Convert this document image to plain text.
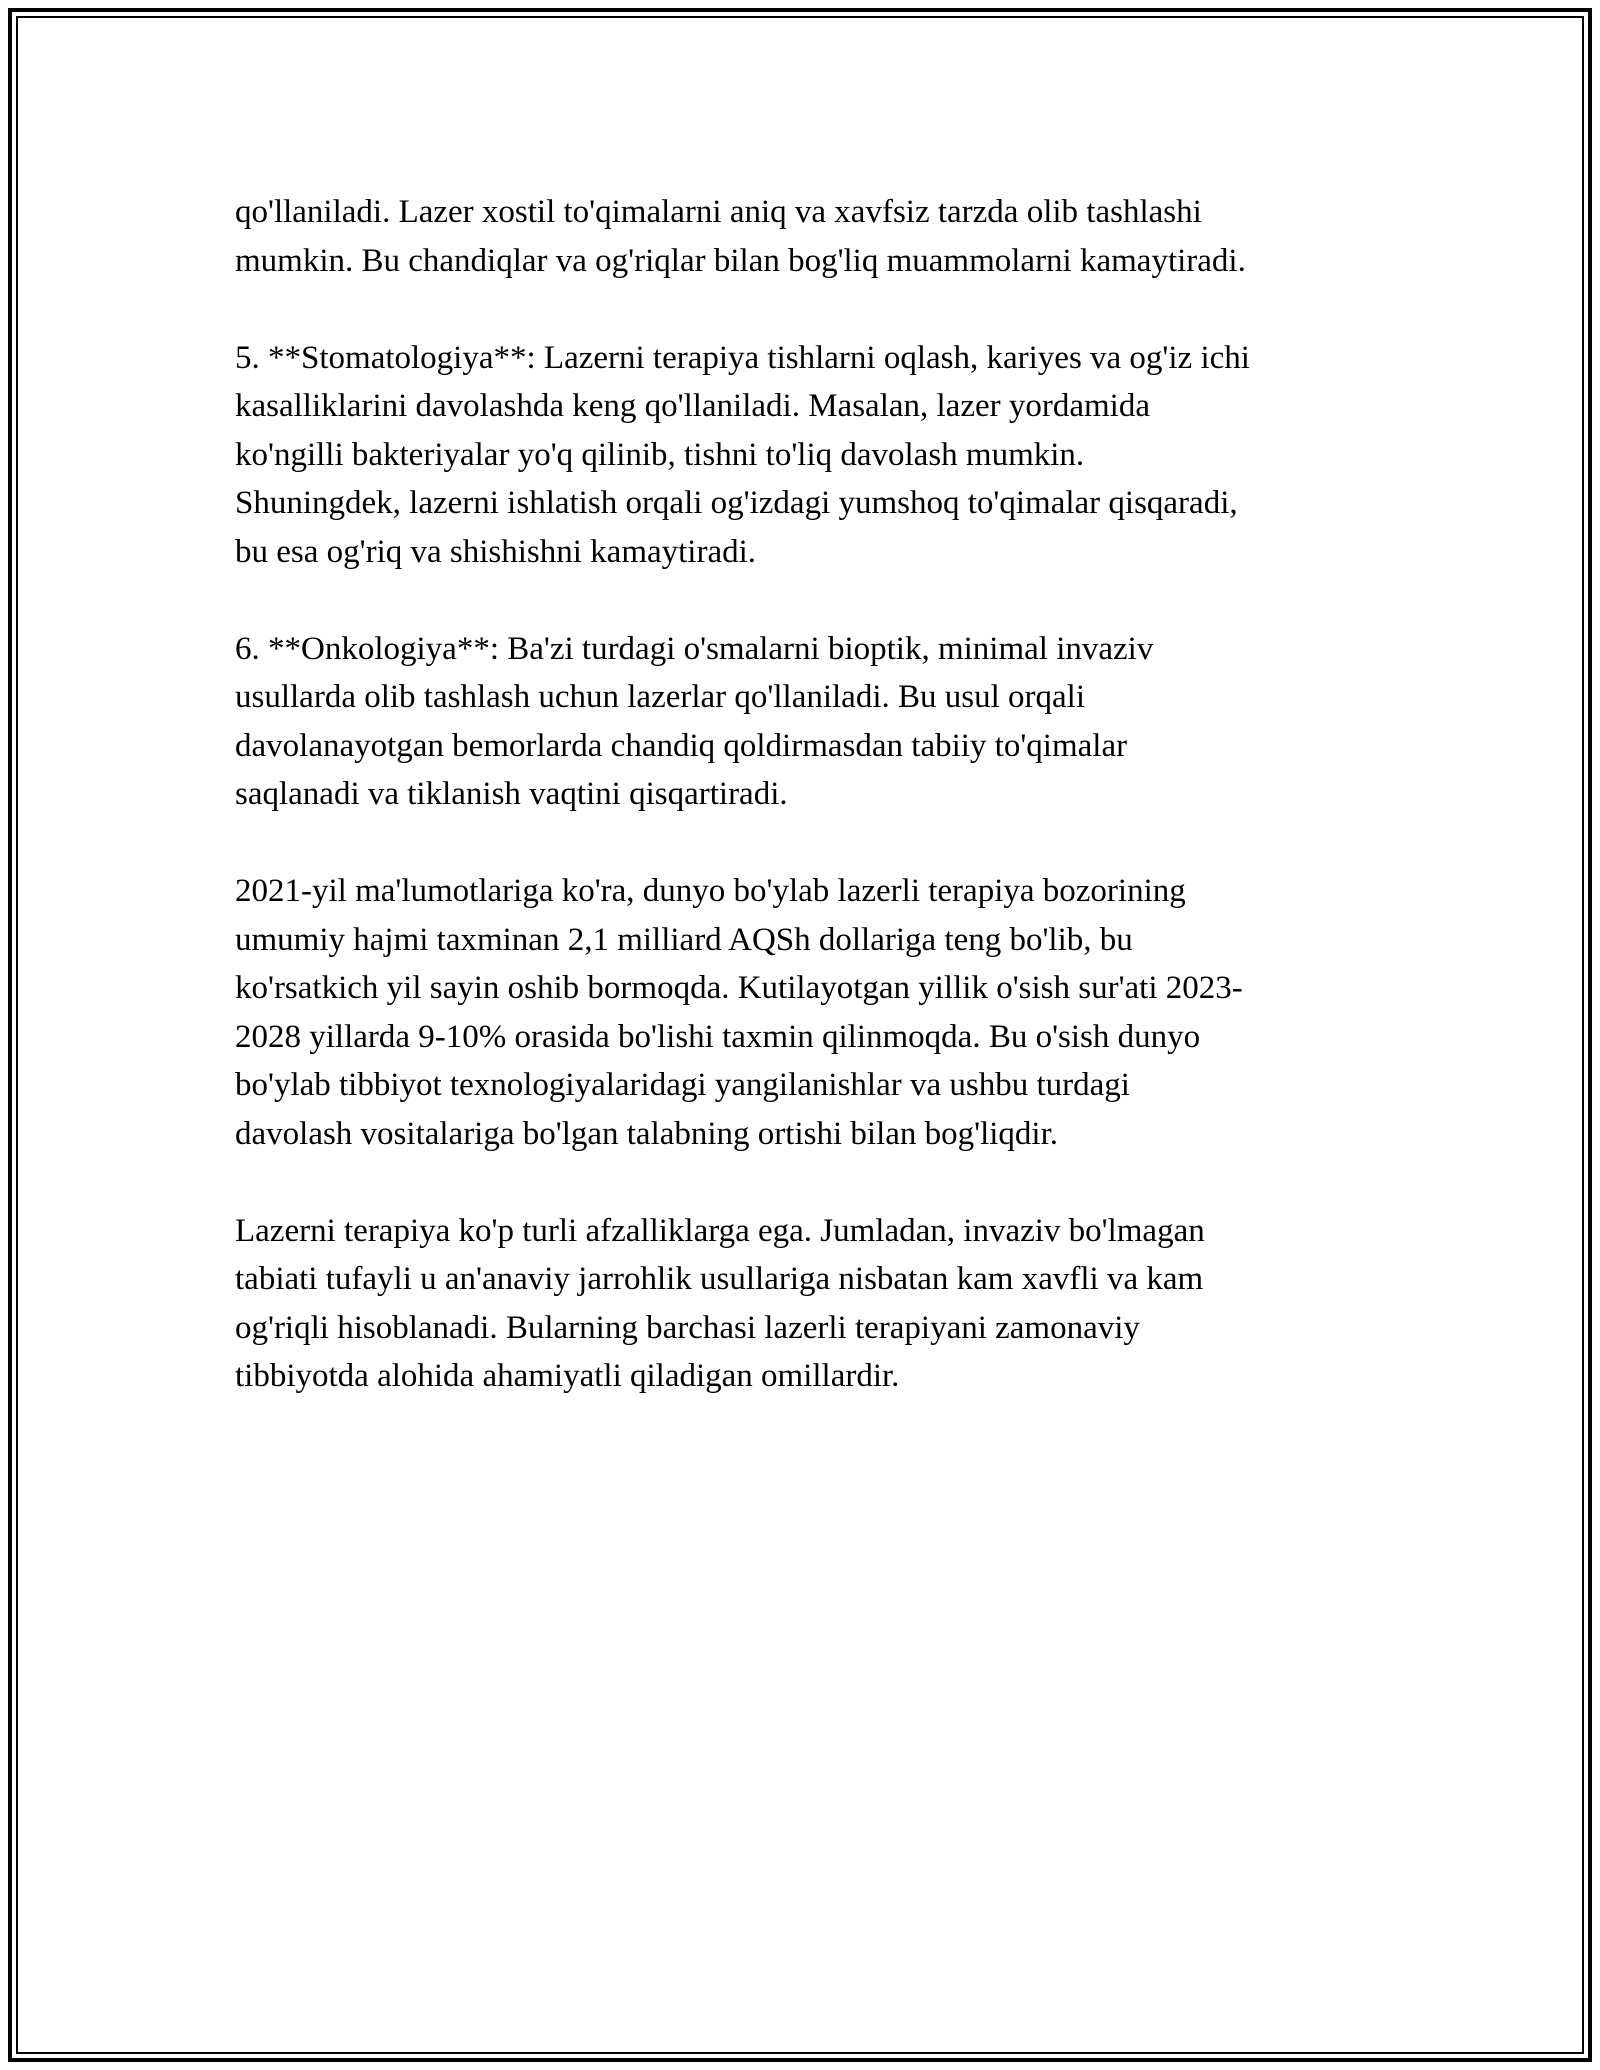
qo'llaniladi. Lazer xostil to'qimalarni aniq va xavfsiz tarzda olib tashlashi
mumkin. Bu chandiqlar va og'riqlar bilan bog'liq muammolarni kamaytiradi.

5. **Stomatologiya**: Lazerni terapiya tishlarni oqlash, kariyes va og'iz ichi
kasalliklarini davolashda keng qo'llaniladi. Masalan, lazer yordamida
ko'ngilli bakteriyalar yo'q qilinib, tishni to'liq davolash mumkin.
Shuningdek, lazerni ishlatish orqali og'izdagi yumshoq to'qimalar qisqaradi,
bu esa og'riq va shishishni kamaytiradi.

6. **Onkologiya**: Ba'zi turdagi o'smalarni bioptik, minimal invaziv
usullarda olib tashlash uchun lazerlar qo'llaniladi. Bu usul orqali
davolanayotgan bemorlarda chandiq qoldirmasdan tabiiy to'qimalar
saqlanadi va tiklanish vaqtini qisqartiradi.

2021-yil ma'lumotlariga ko'ra, dunyo bo'ylab lazerli terapiya bozorining
umumiy hajmi taxminan 2,1 milliard AQSh dollariga teng bo'lib, bu
ko'rsatkich yil sayin oshib bormoqda. Kutilayotgan yillik o'sish sur'ati 2023-
2028 yillarda 9-10% orasida bo'lishi taxmin qilinmoqda. Bu o'sish dunyo
bo'ylab tibbiyot texnologiyalaridagi yangilanishlar va ushbu turdagi
davolash vositalariga bo'lgan talabning ortishi bilan bog'liqdir.

Lazerni terapiya ko'p turli afzalliklarga ega. Jumladan, invaziv bo'lmagan
tabiati tufayli u an'anaviy jarrohlik usullariga nisbatan kam xavfli va kam
og'riqli hisoblanadi. Bularning barchasi lazerli terapiyani zamonaviy
tibbiyotda alohida ahamiyatli qiladigan omillardir.
